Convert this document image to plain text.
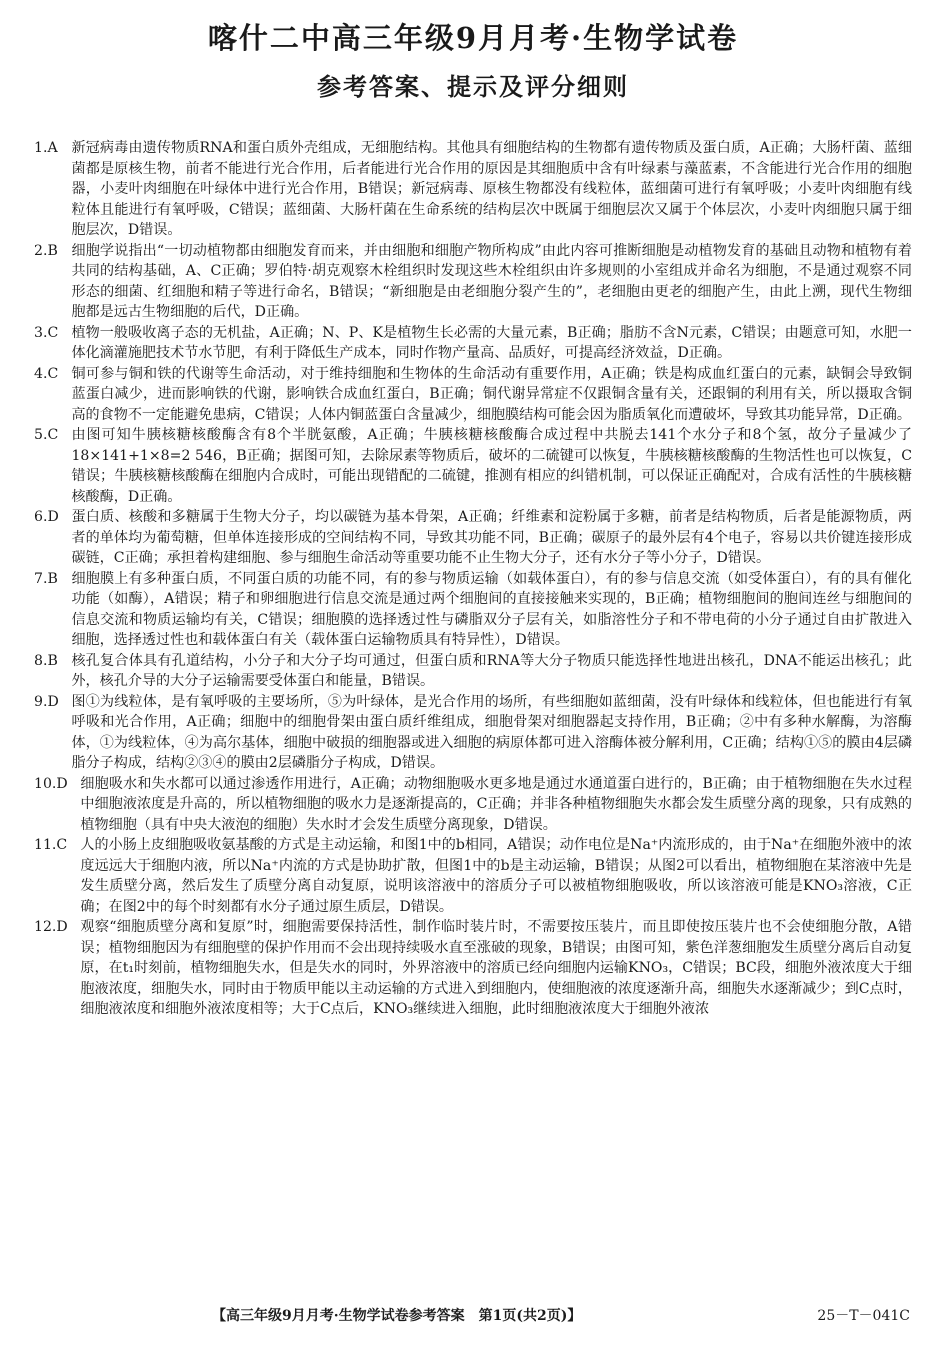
喀什二中高三年级9月月考·生物学试卷
参考答案、提示及评分细则
1. A 新冠病毒由遗传物质RNA和蛋白质外壳组成，无细胞结构。其他具有细胞结构的生物都有遗传物质及蛋白质，A正确；大肠杆菌、蓝细菌都是原核生物，前者不能进行光合作用，后者能进行光合作用的原因是其细胞质中含有叶绿素与藻蓝素，不含能进行光合作用的细胞器，小麦叶肉细胞在叶绿体中进行光合作用，B错误；新冠病毒、原核生物都没有线粒体，蓝细菌可进行有氧呼吸；小麦叶肉细胞有线粒体且能进行有氧呼吸，C错误；蓝细菌、大肠杆菌在生命系统的结构层次中既属于细胞层次又属于个体层次，小麦叶肉细胞只属于细胞层次，D错误。
2. B 细胞学说指出“一切动植物都由细胞发育而来，并由细胞和细胞产物所构成”由此内容可推断细胞是动植物发育的基础且动物和植物有着共同的结构基础，A、C正确；罗伯特·胡克观察木栓组织时发现这些木栓组织由许多规则的小室组成并命名为细胞，不是通过观察不同形态的细菌、红细胞和精子等进行命名，B错误；“新细胞是由老细胞分裂产生的”，老细胞由更老的细胞产生，由此上溯，现代生物细胞都是远古生物细胞的后代，D正确。
3. C 植物一般吸收离子态的无机盐，A正确；N、P、K是植物生长必需的大量元素，B正确；脂肪不含N元素，C错误；由题意可知，水肥一体化滴灌施肥技术节水节肥，有利于降低生产成本，同时作物产量高、品质好，可提高经济效益，D正确。
4. C 铜可参与铜和铁的代谢等生命活动，对于维持细胞和生物体的生命活动有重要作用，A正确；铁是构成血红蛋白的元素，缺铜会导致铜蓝蛋白减少，进而影响铁的代谢，影响铁合成血红蛋白，B正确；铜代谢异常症不仅跟铜含量有关，还跟铜的利用有关，所以摄取含铜高的食物不一定能避免患病，C错误；人体内铜蓝蛋白含量减少，细胞膜结构可能会因为脂质氧化而遭破坏，导致其功能异常，D正确。
5. C 由图可知牛胰核糖核酸酶含有8个半胱氨酸，A正确；牛胰核糖核酸酶合成过程中共脱去141个水分子和8个氢，故分子量减少了18×141+1×8=2 546，B正确；据图可知，去除尿素等物质后，破坏的二硫键可以恢复，牛胰核糖核酸酶的生物活性也可以恢复，C错误；牛胰核糖核酸酶在细胞内合成时，可能出现错配的二硫键，推测有相应的纠错机制，可以保证正确配对，合成有活性的牛胰核糖核酸酶，D正确。
6. D 蛋白质、核酸和多糖属于生物大分子，均以碳链为基本骨架，A正确；纤维素和淀粉属于多糖，前者是结构物质，后者是能源物质，两者的单体均为葡萄糖，但单体连接形成的空间结构不同，导致其功能不同，B正确；碳原子的最外层有4个电子，容易以共价键连接形成碳链，C正确；承担着构建细胞、参与细胞生命活动等重要功能不止生物大分子，还有水分子等小分子，D错误。
7. B 细胞膜上有多种蛋白质，不同蛋白质的功能不同，有的参与物质运输（如载体蛋白），有的参与信息交流（如受体蛋白），有的具有催化功能（如酶），A错误；精子和卵细胞进行信息交流是通过两个细胞间的直接接触来实现的，B正确；植物细胞间的胞间连丝与细胞间的信息交流和物质运输均有关，C错误；细胞膜的选择透过性与磷脂双分子层有关，如脂溶性分子和不带电荷的小分子通过自由扩散进入细胞，选择透过性也和载体蛋白有关（载体蛋白运输物质具有特异性），D错误。
8. B 核孔复合体具有孔道结构，小分子和大分子均可通过，但蛋白质和RNA等大分子物质只能选择性地进出核孔，DNA不能运出核孔；此外，核孔介导的大分子运输需要受体蛋白和能量，B错误。
9. D 图①为线粒体，是有氧呼吸的主要场所，⑤为叶绿体，是光合作用的场所，有些细胞如蓝细菌，没有叶绿体和线粒体，但也能进行有氧呼吸和光合作用，A正确；细胞中的细胞骨架由蛋白质纤维组成，细胞骨架对细胞器起支持作用，B正确；②中有多种水解酶，为溶酶体，①为线粒体，④为高尔基体，细胞中破损的细胞器或进入细胞的病原体都可进入溶酶体被分解利用，C正确；结构①⑤的膜由4层磷脂分子构成，结构②③④的膜由2层磷脂分子构成，D错误。
10. D 细胞吸水和失水都可以通过渗透作用进行，A正确；动物细胞吸水更多地是通过水通道蛋白进行的，B正确；由于植物细胞在失水过程中细胞液浓度是升高的，所以植物细胞的吸水力是逐渐提高的，C正确；并非各种植物细胞失水都会发生质壁分离的现象，只有成熟的植物细胞（具有中央大液泡的细胞）失水时才会发生质壁分离现象，D错误。
11. C 人的小肠上皮细胞吸收氨基酸的方式是主动运输，和图1中的b相同，A错误；动作电位是Na⁺内流形成的，由于Na⁺在细胞外液中的浓度远远大于细胞内液，所以Na⁺内流的方式是协助扩散，但图1中的b是主动运输，B错误；从图2可以看出，植物细胞在某溶液中先是发生质壁分离，然后发生了质壁分离自动复原，说明该溶液中的溶质分子可以被植物细胞吸收，所以该溶液可能是KNO₃溶液，C正确；在图2中的每个时刻都有水分子通过原生质层，D错误。
12. D 观察“细胞质壁分离和复原”时，细胞需要保持活性，制作临时装片时，不需要按压装片，而且即使按压装片也不会使细胞分散，A错误；植物细胞因为有细胞壁的保护作用而不会出现持续吸水直至涨破的现象，B错误；由图可知，紫色洋葱细胞发生质壁分离后自动复原，在t₁时刻前，植物细胞失水，但是失水的同时，外界溶液中的溶质已经向细胞内运输KNO₃，C错误；BC段，细胞外液浓度大于细胞液浓度，细胞失水，同时由于物质甲能以主动运输的方式进入到细胞内，使细胞液的浓度逐渐升高，细胞失水逐渐减少；到C点时，细胞液浓度和细胞外液浓度相等；大于C点后，KNO₃继续进入细胞，此时细胞液浓度大于细胞外液浓
【高三年级9月月考·生物学试卷参考答案　第1页(共2页)】	25－T－041C
